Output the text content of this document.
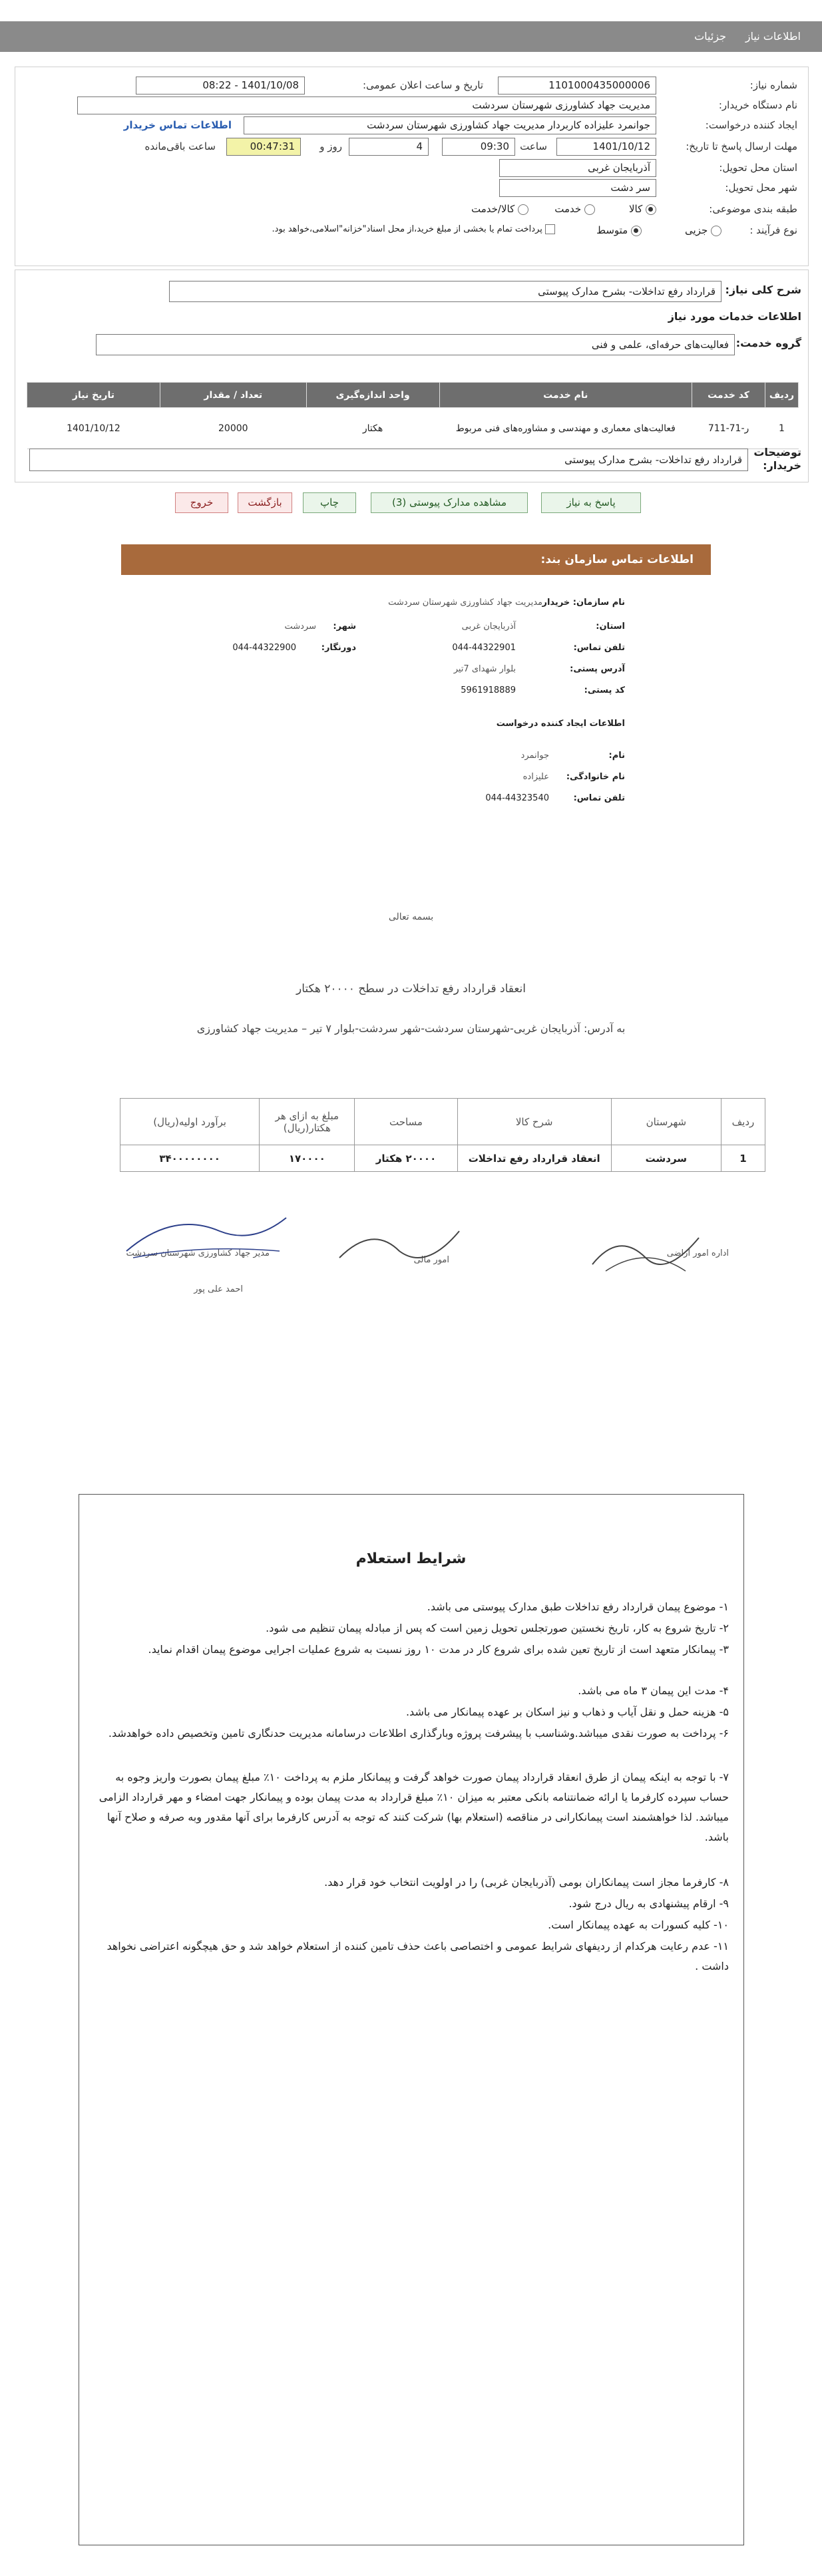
اطلاعات نیاز
جزئیات
شماره نیاز:
1101000435000006
تاریخ و ساعت اعلان عمومی:
1401/10/08 - 08:22
نام دستگاه خریدار:
مدیریت جهاد کشاورزی شهرستان سردشت
ایجاد کننده درخواست:
جوانمرد علیزاده کاربردار مدیریت جهاد کشاورزی شهرستان سردشت
اطلاعات تماس خریدار
مهلت ارسال پاسخ تا تاریخ:
1401/10/12
ساعت
09:30
4
روز و
00:47:31
ساعت باقی‌مانده
استان محل تحویل:
آذربایجان غربی
شهر محل تحویل:
سر دشت
طبقه بندی موضوعی:
کالا
خدمت
کالا/خدمت
نوع فرآیند :
جزیی
متوسط
پرداخت تمام یا بخشی از مبلغ خرید،از محل اسناد"خزانه"اسلامی،خواهد بود.
شرح کلی نیاز:
قرارداد رفع تداخلات- بشرح مدارک پیوستی
اطلاعات خدمات مورد نیاز
گروه خدمت:
فعالیت‌های حرفه‌ای، علمی و فنی
ردیف	کد خدمت	نام خدمت	واحد اندازه‌گیری	تعداد / مقدار	تاریخ نیاز
1	ر-71-711	فعالیت‌های معماری و مهندسی و مشاوره‌های فنی مربوط	هکتار	20000	1401/10/12
توضیحات خریدار:
قرارداد رفع تداخلات- بشرح مدارک پیوستی
پاسخ به نیاز
مشاهده مدارک پیوستی (3)
چاپ
بازگشت
خروج
اطلاعات تماس سازمان بند:
نام سازمان: خریدار
مدیریت جهاد کشاورزی شهرستان سردشت
استان:
آذربایجان غربی
شهر:
سردشت
تلفن تماس:
044-44322901
دورنگار:
044-44322900
آدرس پستی:
بلوار شهدای 7تیر
کد پستی:
5961918889
اطلاعات ایجاد کننده درخواست
نام:
جوانمرد
نام خانوادگی:
علیزاده
تلفن تماس:
044-44323540
بسمه تعالی
انعقاد قرارداد رفع تداخلات در سطح ۲۰۰۰۰ هکتار
به آدرس: آذربایجان غربی-شهرستان سردشت-شهر سردشت-بلوار ۷ تیر – مدیریت جهاد کشاورزی
ردیف	شهرستان	شرح کالا	مساحت	مبلغ به ازای هر هکتار(ریال)	برآورد اولیه(ریال)
1	سردشت	انعقاد قرارداد رفع تداخلات	۲۰۰۰۰ هکتار	۱۷۰۰۰۰	۳۴۰۰۰۰۰۰۰۰
اداره امور اراضی
امور مالی
مدیر جهاد کشاورزی شهرستان سردشت
احمد علی پور
شرایط استعلام
۱- موضوع پیمان قرارداد رفع تداخلات طبق مدارک پیوستی می باشد.
۲- تاریخ شروع به کار، تاریخ نخستین صورتجلس تحویل زمین است که پس از مبادله پیمان تنظیم می شود.
۳- پیمانکار متعهد است از تاریخ تعین شده برای شروع کار در مدت ۱۰ روز نسبت به شروع عملیات اجرایی موضوع پیمان اقدام نماید.
۴- مدت این پیمان ۳ ماه می باشد.
۵- هزینه حمل و نقل آیاب و ذهاب و نیز اسکان بر عهده پیمانکار می باشد.
۶- پرداخت به صورت نقدی میباشد.وشناسب با پیشرفت پروژه وبارگذاری اطلاعات درسامانه مدیریت حدنگاری تامین وتخصیص داده خواهدشد.
۷- با توجه به اینکه پیمان از طرق انعقاد قرارداد پیمان صورت خواهد گرفت و پیمانکار ملزم به پرداخت ۱۰٪ مبلغ پیمان بصورت واریز وجوه به حساب سپرده کارفرما یا ارائه ضمانتنامه بانکی معتبر به میزان ۱۰٪ مبلغ قرارداد به مدت پیمان بوده و پیمانکار جهت امضاء و مهر قرارداد الزامی میباشد. لذا خواهشمند است پیمانکارانی در مناقصه (استعلام بها) شرکت کنند که توجه به آدرس کارفرما برای آنها مقدور وبه صرفه و صلاح آنها باشد.
۸- کارفرما مجاز است پیمانکاران بومی (آذربایجان غربی) را در اولویت انتخاب خود قرار دهد.
۹- ارقام پیشنهادی به ریال درج شود.
۱۰- کلیه کسورات به عهده پیمانکار است.
۱۱- عدم رعایت هرکدام از ردیفهای شرایط عمومی و اختصاصی باعث حذف تامین کننده از استعلام خواهد شد و حق هیچگونه اعتراضی نخواهد داشت .
